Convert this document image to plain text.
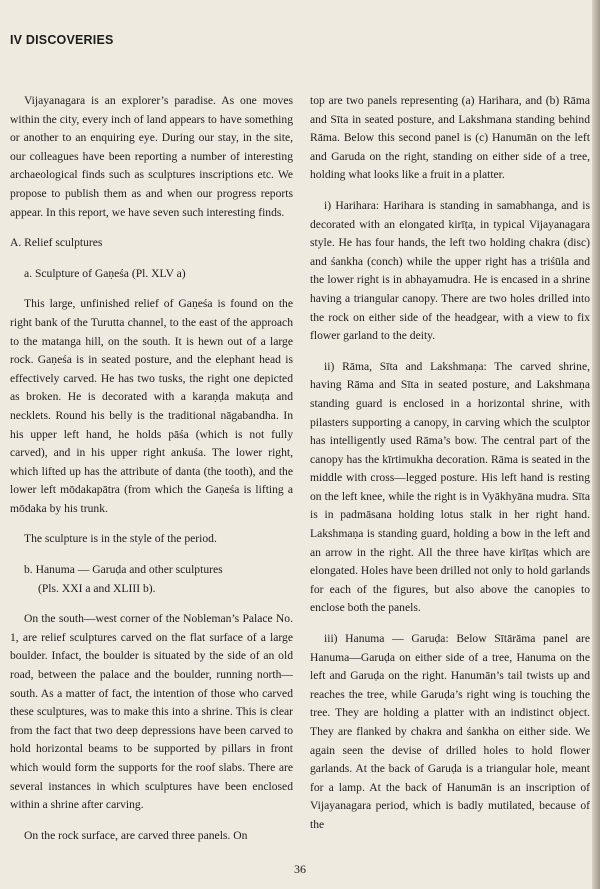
IV DISCOVERIES

Vijayanagara is an explorer’s paradise. As one moves within the city, every inch of land appears to have something or another to an enquiring eye. During our stay, in the site, our colleagues have been reporting a number of interesting archaeological finds such as sculptures inscriptions etc. We propose to publish them as and when our progress reports appear. In this report, we have seven such interesting finds.

A. Relief sculptures

a. Sculpture of Gaṇeśa (Pl. XLV a)

This large, unfinished relief of Gaṇeśa is found on the right bank of the Turutta channel, to the east of the approach to the matanga hill, on the south. It is hewn out of a large rock. Gaṇeśa is in seated posture, and the elephant head is effectively carved. He has two tusks, the right one depicted as broken. He is decorated with a karaṇḍa makuṭa and necklets. Round his belly is the traditional nāgabandha. In his upper left hand, he holds pāśa (which is not fully carved), and in his upper right ankuśa. The lower right, which lifted up has the attribute of danta (the tooth), and the lower left mōdakapātra (from which the Gaṇeśa is lifting a mōdaka by his trunk.

The sculpture is in the style of the period.

b. Hanuma — Garuḍa and other sculptures

(Pls. XXI a and XLIII b).

On the south—west corner of the Nobleman’s Palace No. 1, are relief sculptures carved on the flat surface of a large boulder. Infact, the boulder is situated by the side of an old road, between the palace and the boulder, running north—south. As a matter of fact, the intention of those who carved these sculptures, was to make this into a shrine. This is clear from the fact that two deep depressions have been carved to hold horizontal beams to be supported by pillars in front which would form the supports for the roof slabs. There are several instances in which sculptures have been enclosed within a shrine after carving.

On the rock surface, are carved three panels. On

top are two panels representing (a) Harihara, and (b) Rāma and Sīta in seated posture, and Lakshmana standing behind Rāma. Below this second panel is (c) Hanumān on the left and Garuda on the right, standing on either side of a tree, holding what looks like a fruit in a platter.

i) Harihara: Harihara is standing in samabhanga, and is decorated with an elongated kirīṭa, in typical Vijayanagara style. He has four hands, the left two holding chakra (disc) and śankha (conch) while the upper right has a triśūla and the lower right is in abhayamudra. He is encased in a shrine having a triangular canopy. There are two holes drilled into the rock on either side of the headgear, with a view to fix flower garland to the deity.

ii) Rāma, Sīta and Lakshmaṇa: The carved shrine, having Rāma and Sīta in seated posture, and Lakshmaṇa standing guard is enclosed in a horizontal shrine, with pilasters supporting a canopy, in carving which the sculptor has intelligently used Rāma’s bow. The central part of the canopy has the kīrtimukha decoration. Rāma is seated in the middle with cross—legged posture. His left hand is resting on the left knee, while the right is in Vyākhyāna mudra. Sīta is in padmāsana holding lotus stalk in her right hand. Lakshmaṇa is standing guard, holding a bow in the left and an arrow in the right. All the three have kirīṭas which are elongated. Holes have been drilled not only to hold garlands for each of the figures, but also above the canopies to enclose both the panels.

iii) Hanuma — Garuḍa: Below Sītārāma panel are Hanuma—Garuḍa on either side of a tree, Hanuma on the left and Garuḍa on the right. Hanumān’s tail twists up and reaches the tree, while Garuḍa’s right wing is touching the tree. They are holding a platter with an indistinct object. They are flanked by chakra and śankha on either side. We again seen the devise of drilled holes to hold flower garlands. At the back of Garuḍa is a triangular hole, meant for a lamp. At the back of Hanumān is an inscription of Vijayanagara period, which is badly mutilated, because of the

36
